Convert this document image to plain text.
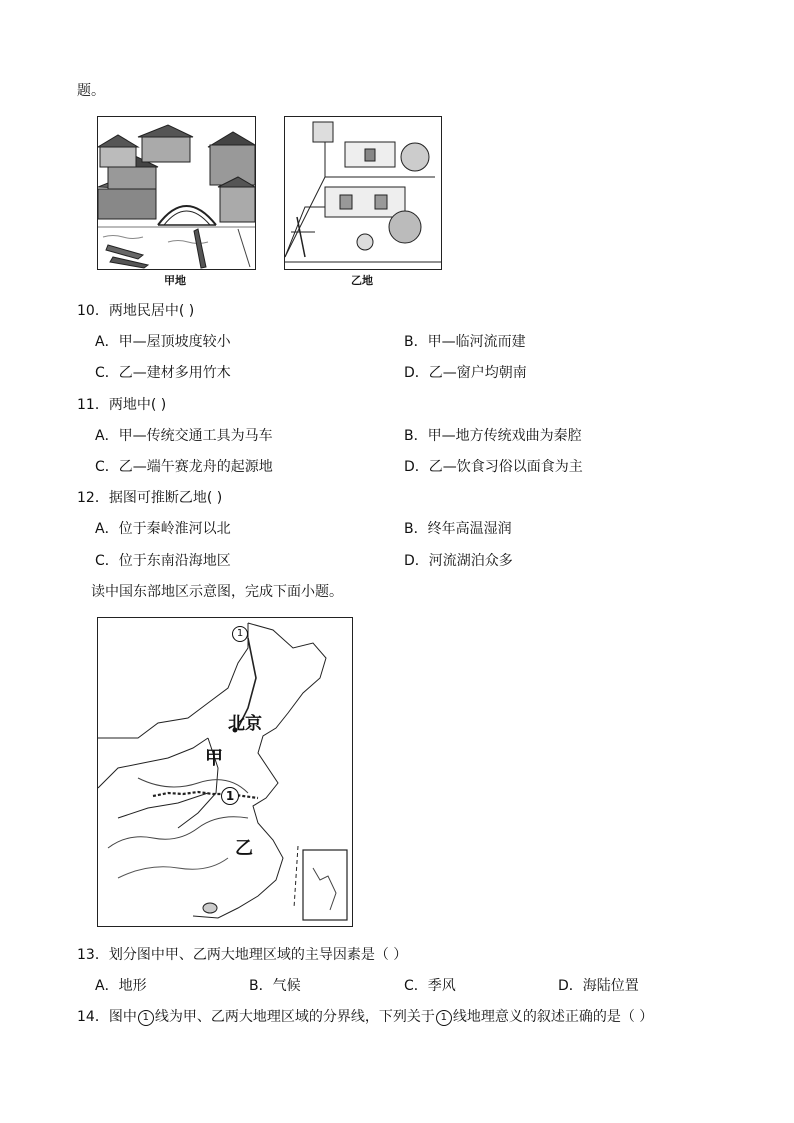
题。
甲地	乙地
10．两地民居中( )
A．甲—屋顶坡度较小	B．甲—临河流而建
C．乙—建材多用竹木	D．乙—窗户均朝南
11．两地中( )
A．甲—传统交通工具为马车	B．甲—地方传统戏曲为秦腔
C．乙—端午赛龙舟的起源地	D．乙—饮食习俗以面食为主
12．据图可推断乙地( )
A．位于秦岭淮河以北	B．终年高温湿润
C．位于东南沿海地区	D．河流湖泊众多
读中国东部地区示意图，完成下面小题。
北京
甲
乙
1
1
13．划分图中甲、乙两大地理区域的主导因素是（ ）
A．地形	B．气候	C．季风	D．海陆位置
14．图中 1 线为甲、乙两大地理区域的分界线，下列关于 1 线地理意义的叙述正确的是（ ）
